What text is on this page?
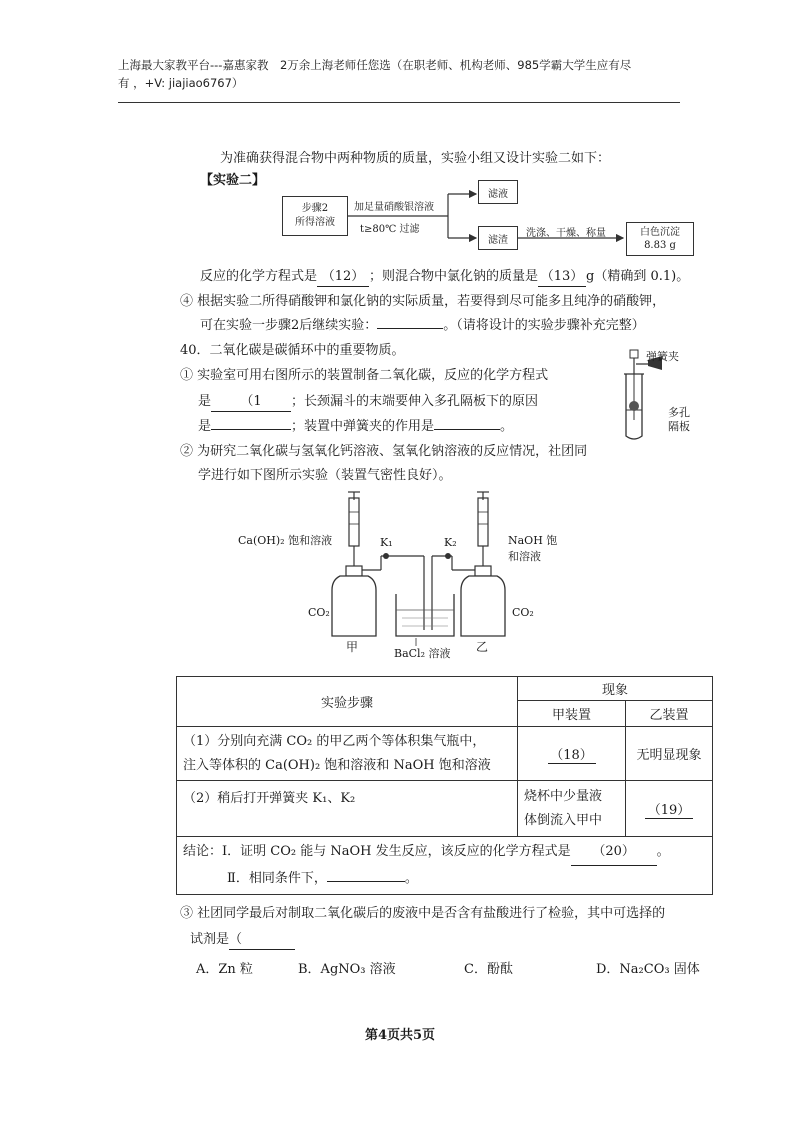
上海最大家教平台---嘉惠家教　2万余上海老师任您选（在职老师、机构老师、985学霸大学生应有尽
有 ，+V: jiajiao6767）
为准确获得混合物中两种物质的质量，实验小组又设计实验二如下：
【实验二】
步骤2
所得溶液
加足量硝酸银溶液
t≥80℃ 过滤
滤液
滤渣
洗涤、干燥、称量	白色沉淀
8.83 g
反应的化学方程式是 （12） ；则混合物中氯化钠的质量是 （13） g（精确到 0.1)。
④ 根据实验二所得硝酸钾和氯化钠的实际质量，若要得到尽可能多且纯净的硝酸钾，
可在实验一步骤2后继续实验：	。（请将设计的实验步骤补充完整）
40．二氧化碳是碳循环中的重要物质。
① 实验室可用右图所示的装置制备二氧化碳，反应的化学方程式
是 （1 ；长颈漏斗的末端要伸入多孔隔板下的原因
是	；装置中弹簧夹的作用是	。
② 为研究二氧化碳与氢氧化钙溶液、氢氧化钠溶液的反应情况，社团同
学进行如下图所示实验（装置气密性良好）。
弹簧夹
多孔
隔板
Ca(OH)₂ 饱和溶液	NaOH 饱和溶液
K₁	K₂
CO₂	CO₂
甲	乙
BaCl₂ 溶液
实验步骤	现象	
	甲装置	乙装置

（1）分别向充满 CO₂ 的甲乙两个等体积集气瓶中，
注入等体积的 Ca(OH)₂ 饱和溶液和 NaOH 饱和溶液	（18）	无明显现象
（2）稍后打开弹簧夹 K₁、K₂	烧杯中少量液
体倒流入甲中	（19）

结论：Ⅰ．证明 CO₂ 能与 NaOH 发生反应，该反应的化学方程式是 （20） 。
Ⅱ．相同条件下， 。		
③ 社团同学最后对制取二氧化碳后的废液中是否含有盐酸进行了检验，其中可选择的
试剂是（
A．Zn 粒	B．AgNO₃ 溶液	C．酚酞	D．Na₂CO₃ 固体
第4页共5页
